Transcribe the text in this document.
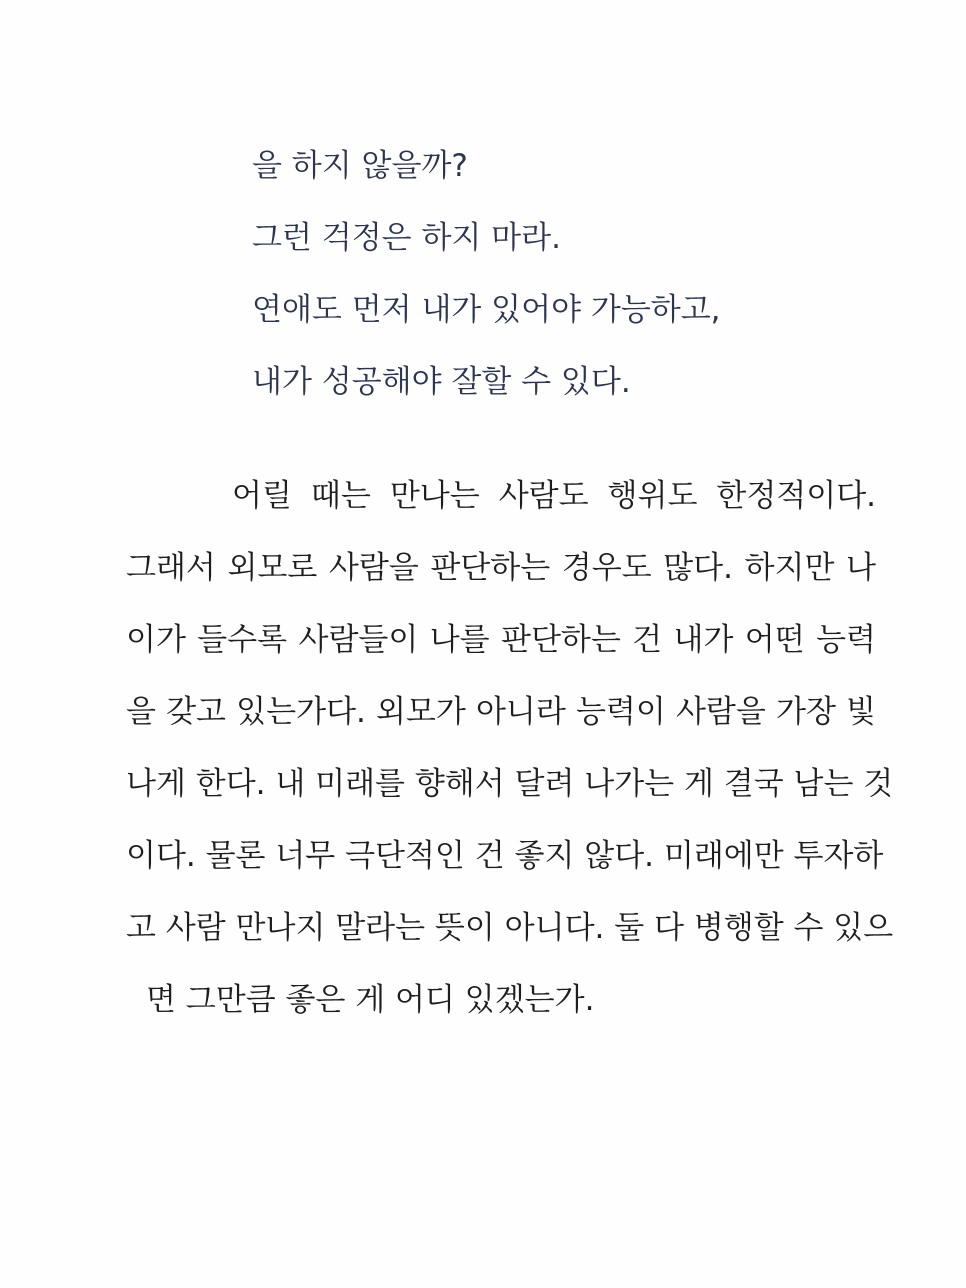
을 하지 않을까?
그런 걱정은 하지 마라.
연애도 먼저 내가 있어야 가능하고,
내가 성공해야 잘할 수 있다.
어릴 때는 만나는 사람도 행위도 한정적이다.
그래서 외모로 사람을 판단하는 경우도 많다. 하지만 나
이가 들수록 사람들이 나를 판단하는 건 내가 어떤 능력
을 갖고 있는가다. 외모가 아니라 능력이 사람을 가장 빛
나게 한다. 내 미래를 향해서 달려 나가는 게 결국 남는 것
이다. 물론 너무 극단적인 건 좋지 않다. 미래에만 투자하
고 사람 만나지 말라는 뜻이 아니다. 둘 다 병행할 수 있으
면 그만큼 좋은 게 어디 있겠는가.
